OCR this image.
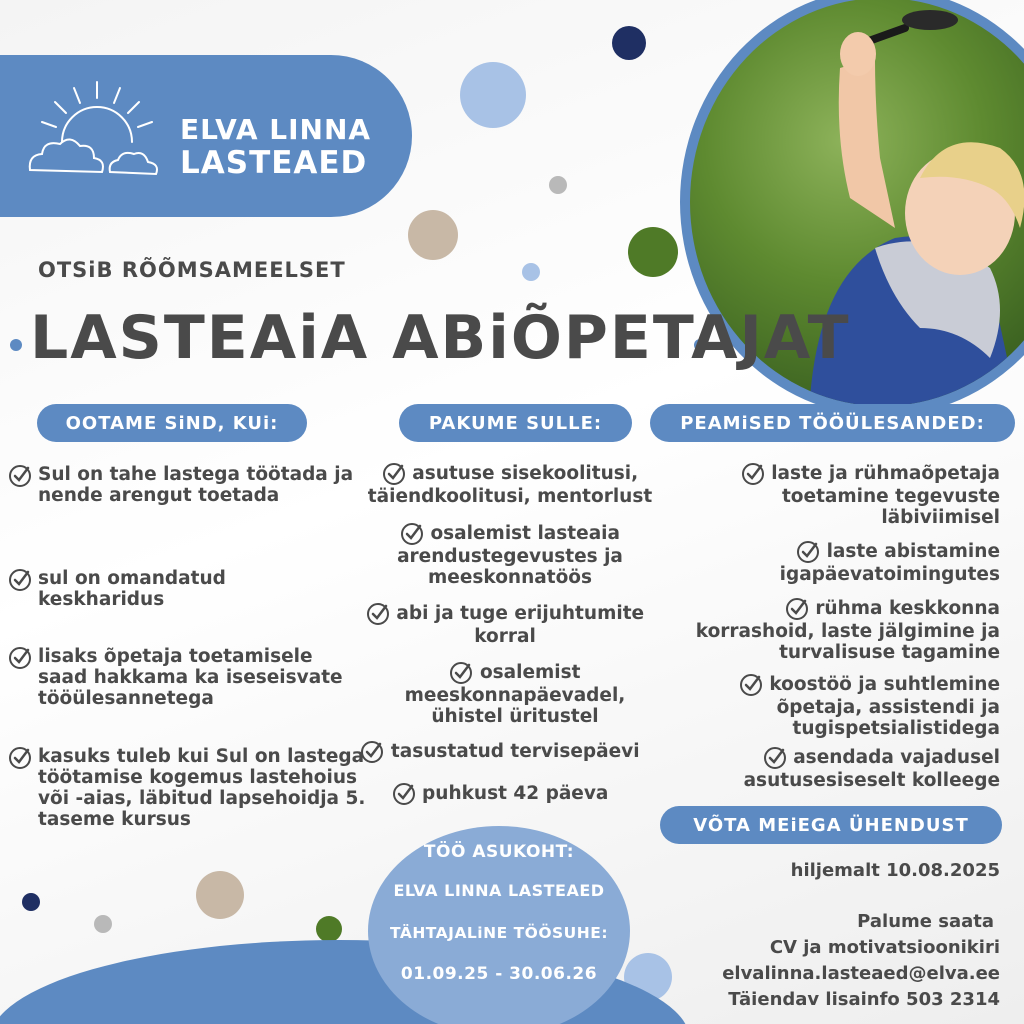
ELVA LINNA
LASTEAED
OTSiB RÕÕMSAMEELSET
LASTEAiA ABiÕPETAJAT
OOTAME SiND, KUi:	PAKUME SULLE:	PEAMiSED TÖÖÜLESANDED:
Sul on tahe lastega töötada ja nende arengut toetada
sul on omandatud keskharidus
lisaks õpetaja toetamisele saad hakkama ka iseseisvate tööülesannetega
kasuks tuleb kui Sul on lastega töötamise kogemus lastehoius või -aias, läbitud lapsehoidja 5. taseme kursus
asutuse sisekoolitusi, täiendkoolitusi, mentorlust
osalemist lasteaia arendustegevustes ja meeskonnatöös
abi ja tuge erijuhtumite korral
osalemist meeskonnapäevadel, ühistel üritustel
tasustatud tervisepäevi
puhkust 42 päeva
laste ja rühmaõpetaja toetamine tegevuste läbiviimisel
laste abistamine igapäevatoimingutes
rühma keskkonna korrashoid, laste jälgimine ja turvalisuse tagamine
koostöö ja suhtlemine õpetaja, assistendi ja tugispetsialistidega
asendada vajadusel asutusesiseselt kolleege
VÕTA MEiEGA ÜHENDUST
hiljemalt 10.08.2025
Palume saata
CV ja motivatsioonikiri
elvalinna.lasteaed@elva.ee
Täiendav lisainfo 503 2314
TÖÖ ASUKOHT:
ELVA LINNA LASTEAED
TÄHTAJALiNE TÖÖSUHE:
01.09.25 - 30.06.26
